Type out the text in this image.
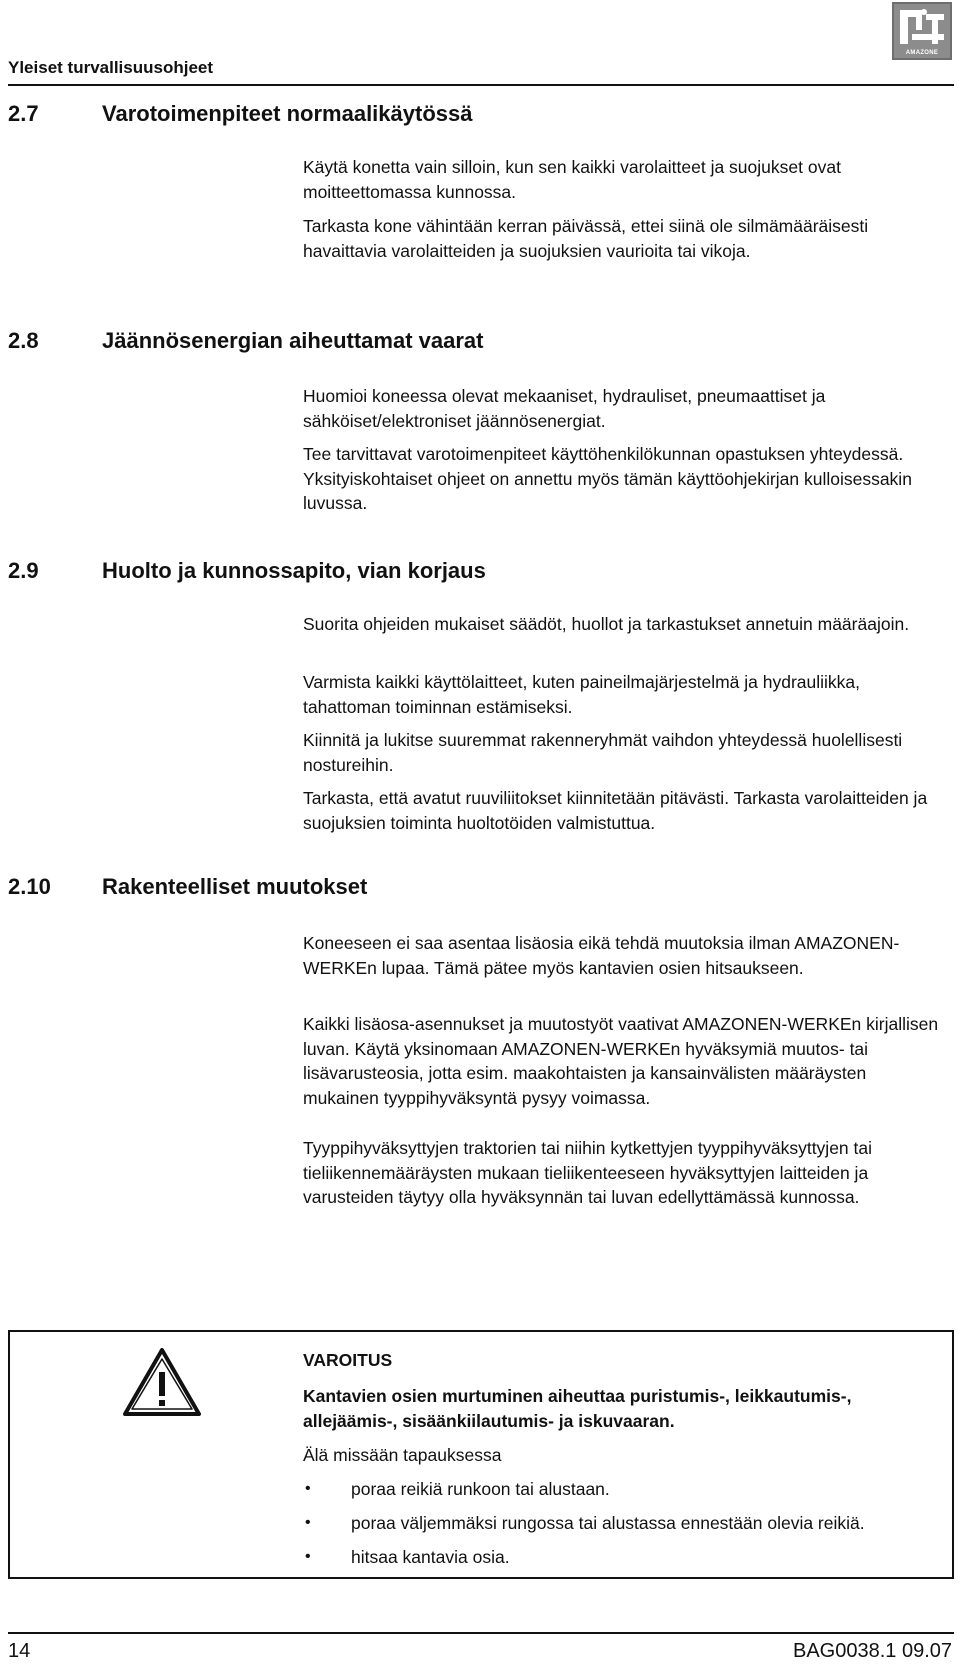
Yleiset turvallisuusohjeet
AMAZONE
2.7	Varotoimenpiteet normaalikäytössä

Käytä konetta vain silloin, kun sen kaikki varolaitteet ja suojukset ovat moitteettomassa kunnossa.

Tarkasta kone vähintään kerran päivässä, ettei siinä ole silmämääräisesti havaittavia varolaitteiden ja suojuksien vaurioita tai vikoja.

2.8	Jäännösenergian aiheuttamat vaarat

Huomioi koneessa olevat mekaaniset, hydrauliset, pneumaattiset ja sähköiset/elektroniset jäännösenergiat.

Tee tarvittavat varotoimenpiteet käyttöhenkilökunnan opastuksen yhteydessä. Yksityiskohtaiset ohjeet on annettu myös tämän käyttöohjekirjan kulloisessakin luvussa.

2.9	Huolto ja kunnossapito, vian korjaus

Suorita ohjeiden mukaiset säädöt, huollot ja tarkastukset annetuin määräajoin.

Varmista kaikki käyttölaitteet, kuten paineilmajärjestelmä ja hydrauliikka, tahattoman toiminnan estämiseksi.

Kiinnitä ja lukitse suuremmat rakenneryhmät vaihdon yhteydessä huolellisesti nostureihin.

Tarkasta, että avatut ruuviliitokset kiinnitetään pitävästi. Tarkasta varolaitteiden ja suojuksien toiminta huoltotöiden valmistuttua.

2.10 Rakenteelliset muutokset

Koneeseen ei saa asentaa lisäosia eikä tehdä muutoksia ilman AMAZONEN-WERKEn lupaa. Tämä pätee myös kantavien osien hitsaukseen.

Kaikki lisäosa-asennukset ja muutostyöt vaativat AMAZONEN-WERKEn kirjallisen luvan. Käytä yksinomaan AMAZONEN-WERKEn hyväksymiä muutos- tai lisävarusteosia, jotta esim. maakohtaisten ja kansainvälisten määräysten mukainen tyyppihyväksyntä pysyy voimassa.

Tyyppihyväksyttyjen traktorien tai niihin kytkettyjen tyyppihyväksyttyjen tai tieliikennemääräysten mukaan tieliikenteeseen hyväksyttyjen laitteiden ja varusteiden täytyy olla hyväksynnän tai luvan edellyttämässä kunnossa.

VAROITUS
Kantavien osien murtuminen aiheuttaa puristumis-, leikkautumis-, allejäämis-, sisäänkiilautumis- ja iskuvaaran.
Älä missään tapauksessa
• poraa reikiä runkoon tai alustaan.
• poraa väljemmäksi rungossa tai alustassa ennestään olevia reikiä.
• hitsaa kantavia osia.
14	BAG0038.1 09.07
